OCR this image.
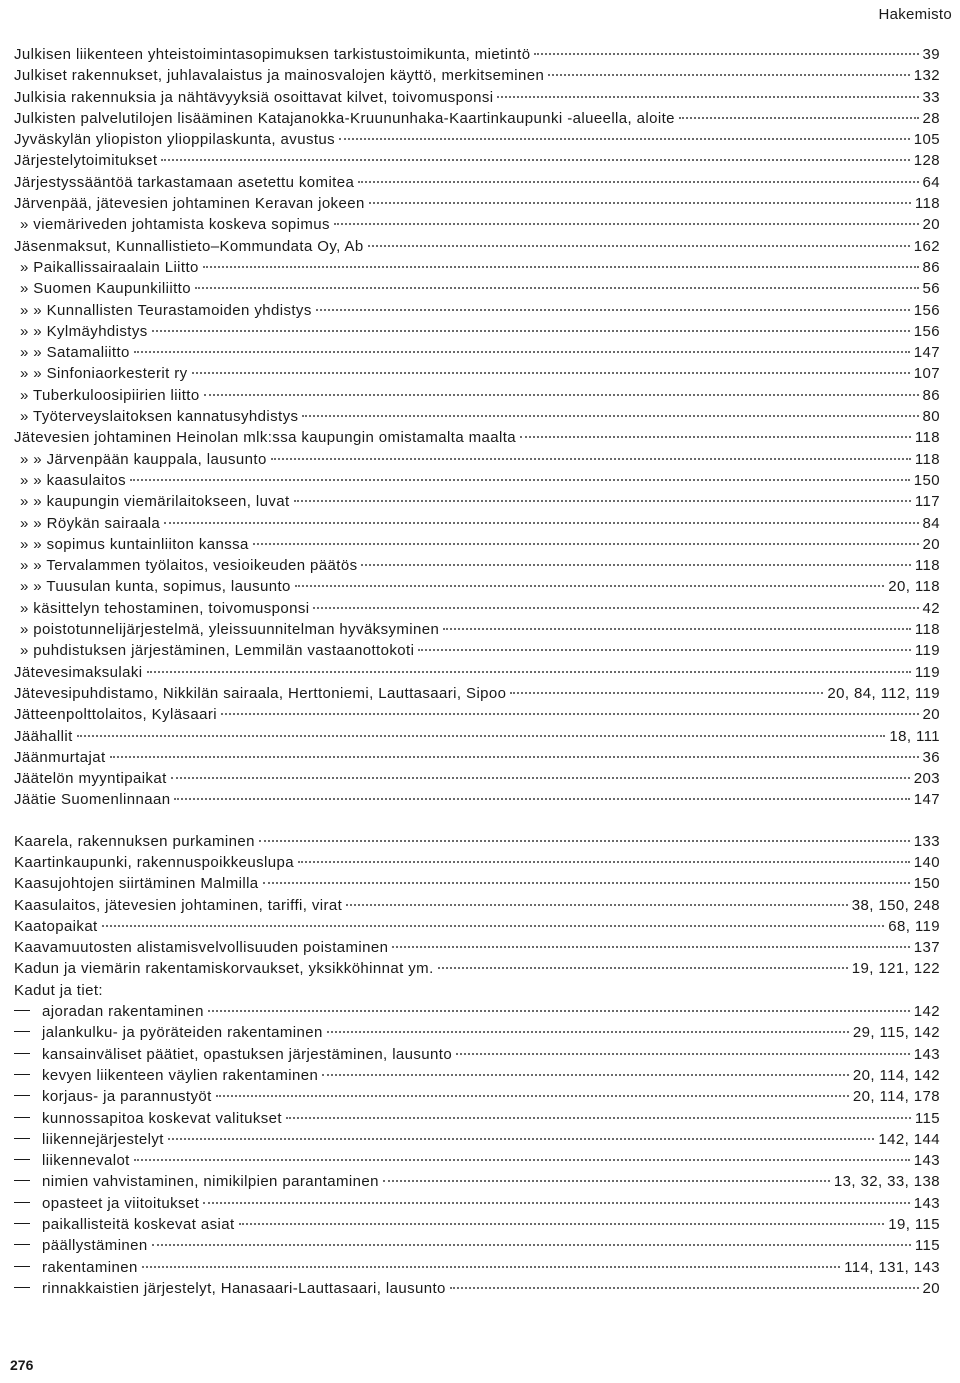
Hakemisto
Julkisen liikenteen yhteistoimintasopimuksen tarkistustoimikunta, mietintö	39
Julkiset rakennukset, juhlavalaistus ja mainosvalojen käyttö, merkitseminen	132
Julkisia rakennuksia ja nähtävyyksiä osoittavat kilvet, toivomusponsi	33
Julkisten palvelutilojen lisääminen Katajanokka-Kruununhaka-Kaartinkaupunki -alueella, aloite	28
Jyväskylän yliopiston ylioppilaskunta, avustus	105
Järjestelytoimitukset	128
Järjestyssääntöä tarkastamaan asetettu komitea	64
Järvenpää, jätevesien johtaminen Keravan jokeen	118
» viemäriveden johtamista koskeva sopimus	20
Jäsenmaksut, Kunnallistieto–Kommundata Oy, Ab	162
» Paikallissairaalain Liitto	86
» Suomen Kaupunkiliitto	56
» » Kunnallisten Teurastamoiden yhdistys	156
» » Kylmäyhdistys	156
» » Satamaliitto	147
» » Sinfoniaorkesterit ry	107
» Tuberkuloosipiirien liitto	86
» Työterveyslaitoksen kannatusyhdistys	80
Jätevesien johtaminen Heinolan mlk:ssa kaupungin omistamalta maalta	118
» » Järvenpään kauppala, lausunto	118
» » kaasulaitos	150
» » kaupungin viemärilaitokseen, luvat	117
» » Röykän sairaala	84
» » sopimus kuntainliiton kanssa	20
» » Tervalammen työlaitos, vesioikeuden päätös	118
» » Tuusulan kunta, sopimus, lausunto	20, 118
» käsittelyn tehostaminen, toivomusponsi	42
» poistotunnelijärjestelmä, yleissuunnitelman hyväksyminen	118
» puhdistuksen järjestäminen, Lemmilän vastaanottokoti	119
Jätevesimaksulaki	119
Jätevesipuhdistamo, Nikkilän sairaala, Herttoniemi, Lauttasaari, Sipoo	20, 84, 112, 119
Jätteenpolttolaitos, Kyläsaari	20
Jäähallit	18, 111
Jäänmurtajat	36
Jäätelön myyntipaikat	203
Jäätie Suomenlinnaan	147
Kaarela, rakennuksen purkaminen	133
Kaartinkaupunki, rakennuspoikkeuslupa	140
Kaasujohtojen siirtäminen Malmilla	150
Kaasulaitos, jätevesien johtaminen, tariffi, virat	38, 150, 248
Kaatopaikat	68, 119
Kaavamuutosten alistamisvelvollisuuden poistaminen	137
Kadun ja viemärin rakentamiskorvaukset, yksikköhinnat ym.	19, 121, 122
Kadut ja tiet:
ajoradan rakentaminen	142
jalankulku- ja pyöräteiden rakentaminen	29, 115, 142
kansainväliset päätiet, opastuksen järjestäminen, lausunto	143
kevyen liikenteen väylien rakentaminen	20, 114, 142
korjaus- ja parannustyöt	20, 114, 178
kunnossapitoa koskevat valitukset	115
liikennejärjestelyt	142, 144
liikennevalot	143
nimien vahvistaminen, nimikilpien parantaminen	13, 32, 33, 138
opasteet ja viitoitukset	143
paikallisteitä koskevat asiat	19, 115
päällystäminen	115
rakentaminen	114, 131, 143
rinnakkaistien järjestelyt, Hanasaari-Lauttasaari, lausunto	20
276
